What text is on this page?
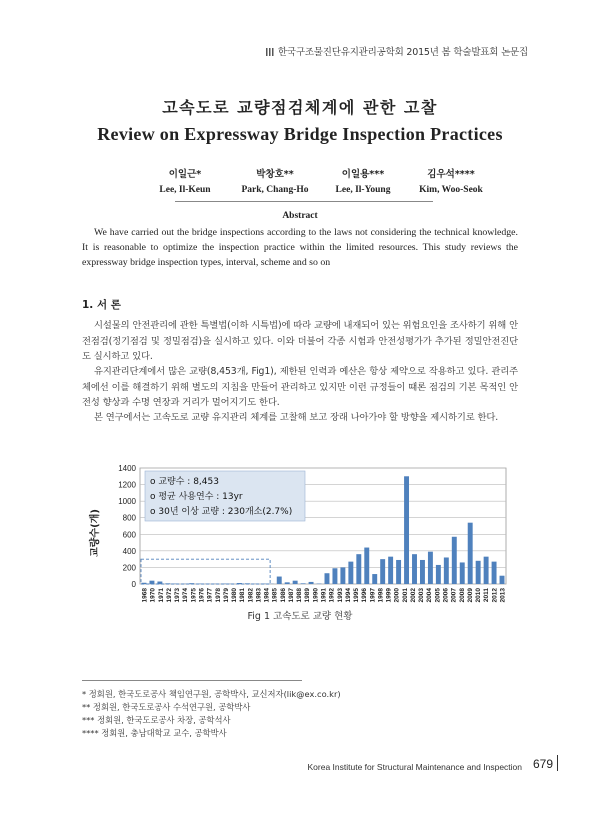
한국구조물진단유지관리공학회 2015년 봄 학술발표회 논문집
고속도로 교량점검체계에 관한 고찰
Review on Expressway Bridge Inspection Practices
이일근*
Lee, Il-Keun
박창호**
Park, Chang-Ho
이일용***
Lee, Il-Young
김우석****
Kim, Woo-Seok
Abstract
We have carried out the bridge inspections according to the laws not considering the technical knowledge. It is reasonable to optimize the inspection practice within the limited resources. This study reviews the expressway bridge inspection types, interval, scheme and so on
1. 서 론
시설물의 안전관리에 관한 특별법(이하 시특법)에 따라 교량에 내재되어 있는 위험요인을 조사하기 위해 안전점검(정기점검 및 정밀점검)을 실시하고 있다. 이와 더불어 각종 시험과 안전성평가가 추가된 정밀안전진단도 실시하고 있다.
유지관리단계에서 많은 교량(8,453개, Fig1), 제한된 인력과 예산은 항상 제약으로 작용하고 있다. 관리주체에선 이를 해결하기 위해 별도의 지침을 만들어 관리하고 있지만 이런 규정들이 때론 점검의 기본 목적인 안전성 향상과 수명 연장과 거리가 멀어지기도 한다.
본 연구에서는 고속도로 교량 유지관리 체계를 고찰해 보고 장래 나아가야 할 방향을 제시하기로 한다.
0
200
400
600
800
1000
1200
1400
1968 1970 1971 1972 1973 1974 1975 1976 1977 1978 1979 1980 1981 1982 1983 1984 1985 1986 1987 1988 1989 1990 1991 1992 1993 1994 1995 1996 1997 1998 1999 2000 2001 2002 2003 2004 2005 2006 2007 2008 2009 2010 2011 2012 2013
o 교량수 : 8,453
o 평균 사용연수 : 13yr
o 30년 이상 교량 : 230개소(2.7%)
교량수(개)
Fig 1 고속도로 교량 현황
* 정회원, 한국도로공사 책임연구원, 공학박사, 교신저자(lik@ex.co.kr)
** 정회원, 한국도로공사 수석연구원, 공학박사
*** 정회원, 한국도로공사 차장, 공학석사
**** 정회원, 충남대학교 교수, 공학박사
Korea Institute for Structural Maintenance and Inspection 679
